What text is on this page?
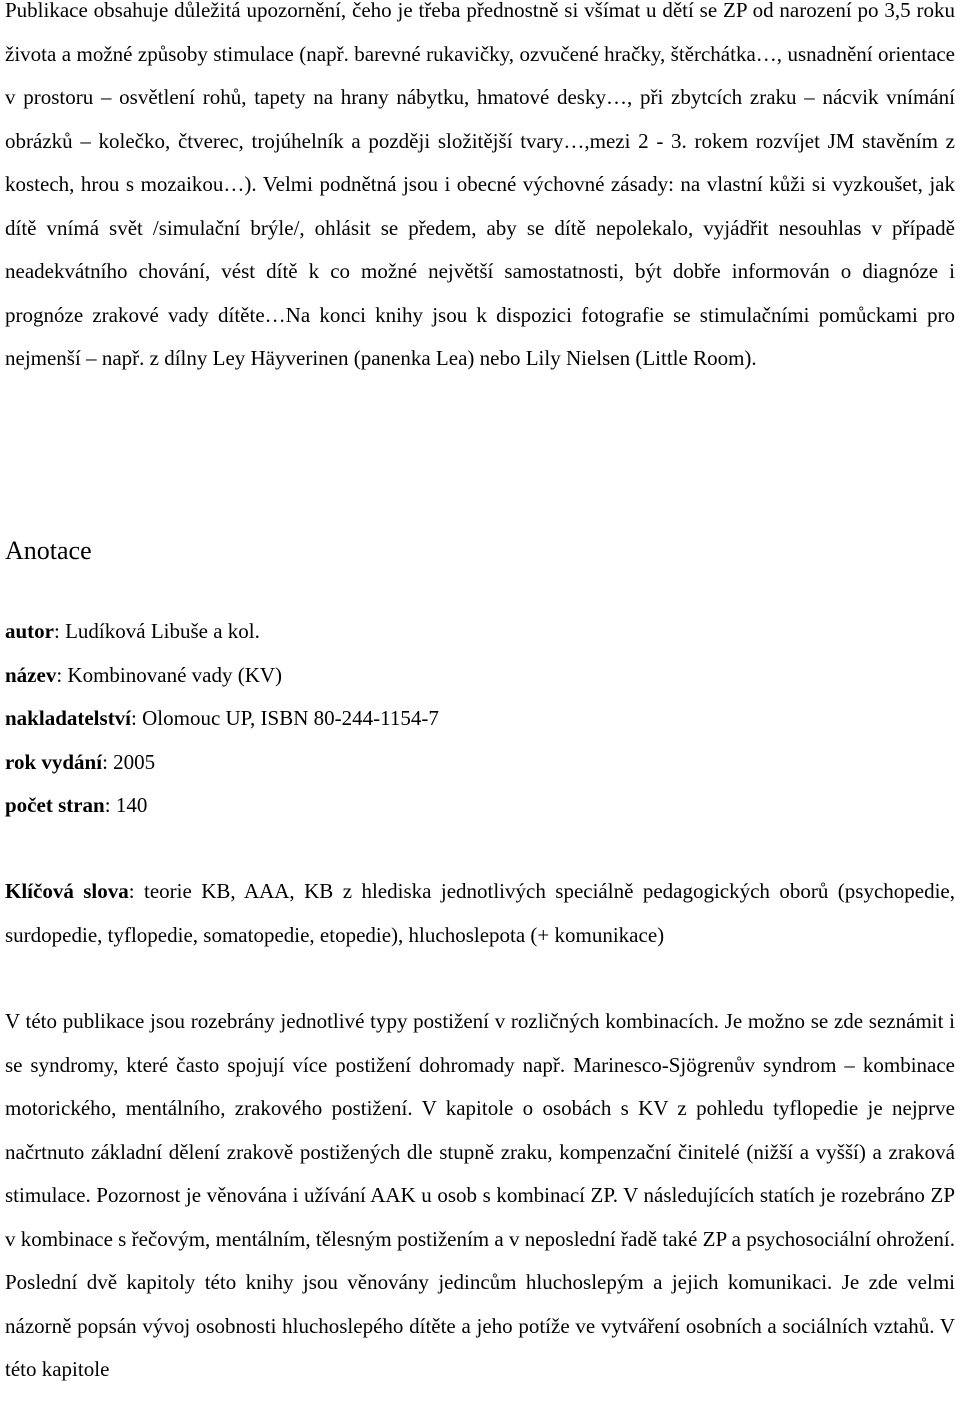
Publikace obsahuje důležitá upozornění, čeho je třeba přednostně si všímat u dětí se ZP od narození po 3,5 roku života a možné způsoby stimulace (např. barevné rukavičky, ozvučené hračky, štěrchátka…, usnadnění orientace v prostoru – osvětlení rohů, tapety na hrany nábytku, hmatové desky…, při zbytcích zraku – nácvik vnímání obrázků – kolečko, čtverec, trojúhelník a později složitější tvary…,mezi 2 - 3. rokem rozvíjet JM stavěním z kostech, hrou s mozaikou…). Velmi podnětná jsou i obecné výchovné zásady: na vlastní kůži si vyzkoušet, jak dítě vnímá svět /simulační brýle/, ohlásit se předem, aby se dítě nepolekalo, vyjádřit nesouhlas v případě neadekvátního chování, vést dítě k co možné největší samostatnosti, být dobře informován o diagnóze i prognóze zrakové vady dítěte…Na konci knihy jsou k dispozici fotografie se stimulačními pomůckami pro nejmenší – např. z dílny Ley Häyverinen (panenka Lea) nebo Lily Nielsen (Little Room).

Anotace

autor: Ludíková Libuše a kol.

název: Kombinované vady (KV)

nakladatelství: Olomouc UP, ISBN 80-244-1154-7

rok vydání: 2005

počet stran: 140

Klíčová slova: teorie KB, AAA, KB z hlediska jednotlivých speciálně pedagogických oborů (psychopedie, surdopedie, tyflopedie, somatopedie, etopedie), hluchoslepota (+ komunikace)

V této publikace jsou rozebrány jednotlivé typy postižení v rozličných kombinacích. Je možno se zde seznámit i se syndromy, které často spojují více postižení dohromady např. Marinesco-Sjögrenův syndrom – kombinace motorického, mentálního, zrakového postižení. V kapitole o osobách s KV z pohledu tyflopedie je nejprve načrtnuto základní dělení zrakově postižených dle stupně zraku, kompenzační činitelé (nižší a vyšší) a zraková stimulace. Pozornost je věnována i užívání AAK u osob s kombinací ZP. V následujících statích je rozebráno ZP v kombinace s řečovým, mentálním, tělesným postižením a v neposlední řadě také ZP a psychosociální ohrožení. Poslední dvě kapitoly této knihy jsou věnovány jedincům hluchoslepým a jejich komunikaci. Je zde velmi názorně popsán vývoj osobnosti hluchoslepého dítěte a jeho potíže ve vytváření osobních a sociálních vztahů. V této kapitole
